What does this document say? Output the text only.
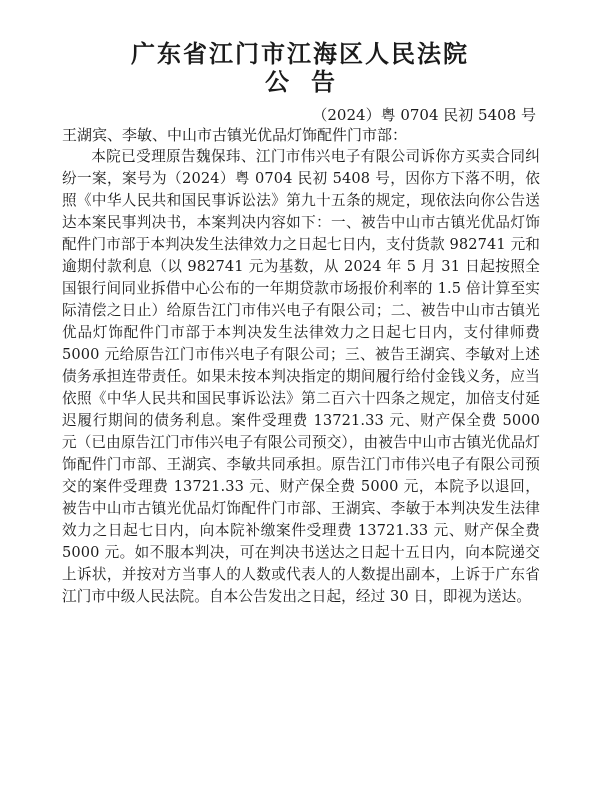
广东省江门市江海区人民法院
公告
（2024）粤 0704 民初 5408 号
王湖宾、李敏、中山市古镇光优品灯饰配件门市部：
本院已受理原告魏保玮、江门市伟兴电子有限公司诉你方买卖合同纠纷一案，案号为（2024）粤 0704 民初 5408 号，因你方下落不明，依照《中华人民共和国民事诉讼法》第九十五条的规定，现依法向你公告送达本案民事判决书，本案判决内容如下：一、被告中山市古镇光优品灯饰配件门市部于本判决发生法律效力之日起七日内，支付货款 982741 元和逾期付款利息（以 982741 元为基数，从 2024 年 5 月 31 日起按照全国银行间同业拆借中心公布的一年期贷款市场报价利率的 1.5 倍计算至实际清偿之日止）给原告江门市伟兴电子有限公司；二、被告中山市古镇光优品灯饰配件门市部于本判决发生法律效力之日起七日内，支付律师费 5000 元给原告江门市伟兴电子有限公司；三、被告王湖宾、李敏对上述债务承担连带责任。如果未按本判决指定的期间履行给付金钱义务，应当依照《中华人民共和国民事诉讼法》第二百六十四条之规定，加倍支付延迟履行期间的债务利息。案件受理费 13721.33 元、财产保全费 5000 元（已由原告江门市伟兴电子有限公司预交），由被告中山市古镇光优品灯饰配件门市部、王湖宾、李敏共同承担。原告江门市伟兴电子有限公司预交的案件受理费 13721.33 元、财产保全费 5000 元，本院予以退回，被告中山市古镇光优品灯饰配件门市部、王湖宾、李敏于本判决发生法律效力之日起七日内，向本院补缴案件受理费 13721.33 元、财产保全费 5000 元。如不服本判决，可在判决书送达之日起十五日内，向本院递交上诉状，并按对方当事人的人数或代表人的人数提出副本，上诉于广东省江门市中级人民法院。自本公告发出之日起，经过 30 日，即视为送达。
